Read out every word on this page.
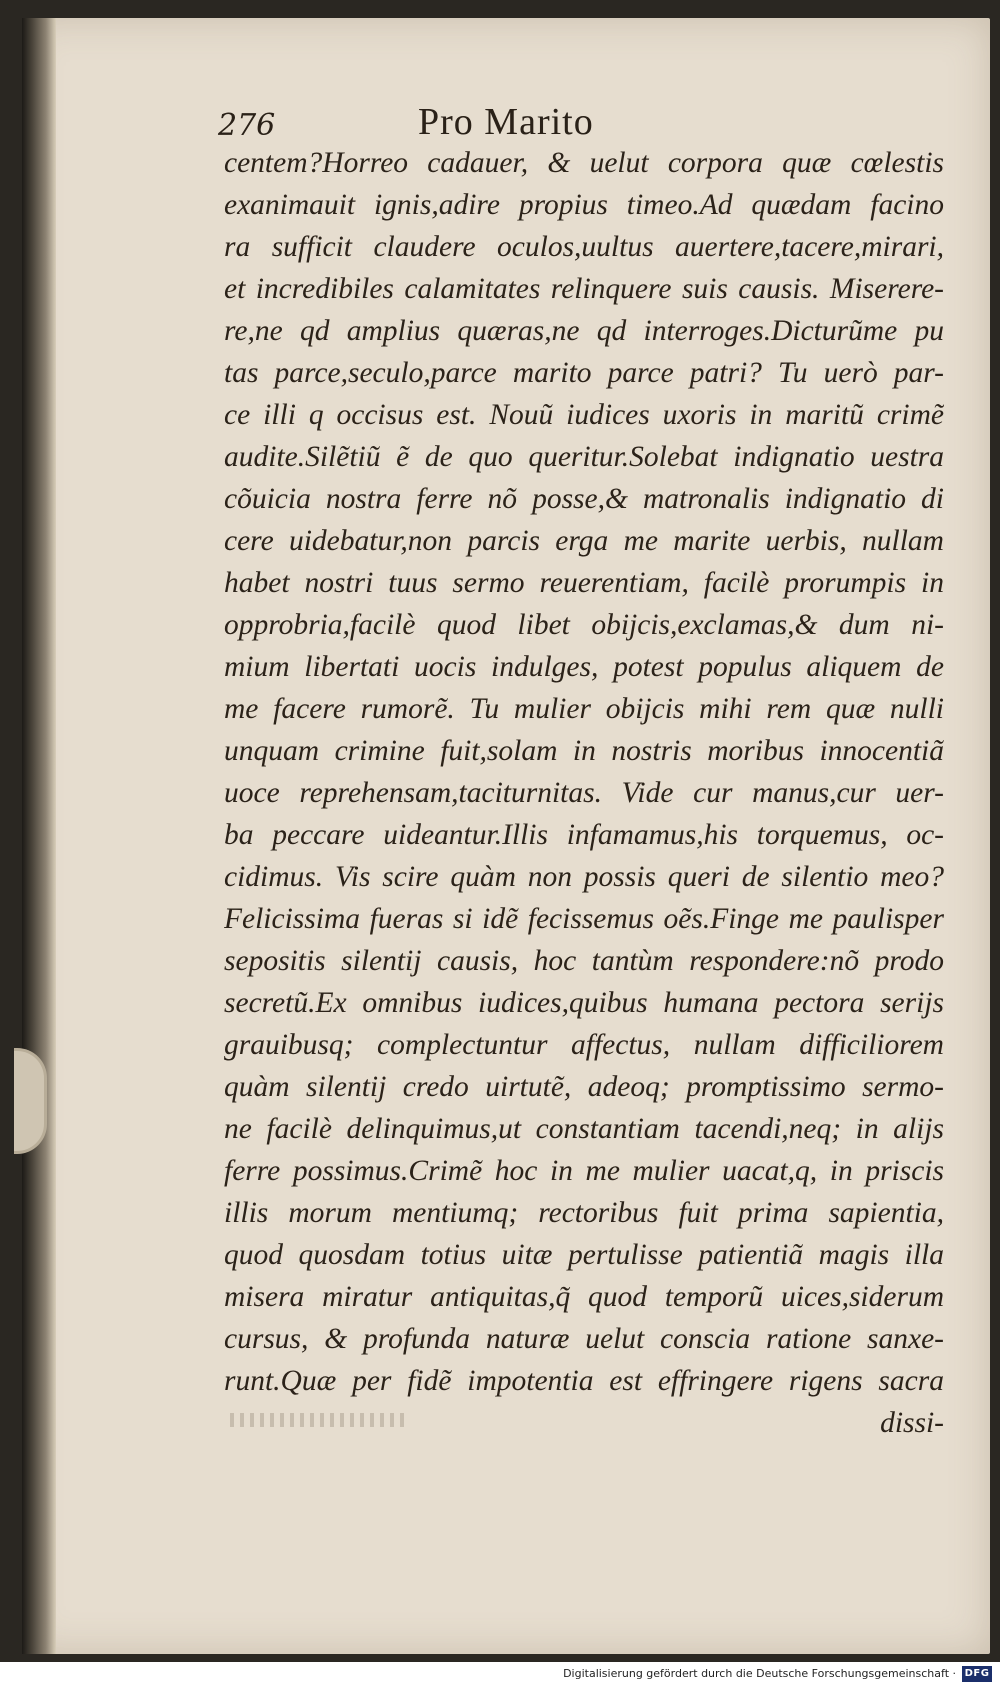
276	Pro Marito
centem?Horreo cadauer, & uelut corpora quæ cœlestis
exanimauit ignis,adire propius timeo.Ad quædam facino
ra sufficit claudere oculos,uultus auertere,tacere,mirari,
et incredibiles calamitates relinquere suis causis. Miserere-
re,ne qd amplius quæras,ne qd interroges.Dicturũme pu
tas parce,seculo,parce marito parce patri? Tu uerò par-
ce illi q occisus est. Nouũ iudices uxoris in maritũ crimẽ
audite.Silẽtiũ ẽ de quo queritur.Solebat indignatio uestra
cõuicia nostra ferre nõ posse,& matronalis indignatio di
cere uidebatur,non parcis erga me marite uerbis, nullam
habet nostri tuus sermo reuerentiam, facilè prorumpis in
opprobria,facilè quod libet obijcis,exclamas,& dum ni-
mium libertati uocis indulges, potest populus aliquem de
me facere rumorẽ. Tu mulier obijcis mihi rem quæ nulli
unquam crimine fuit,solam in nostris moribus innocentiã
uoce reprehensam,taciturnitas. Vide cur manus,cur uer-
ba peccare uideantur.Illis infamamus,his torquemus, oc-
cidimus. Vis scire quàm non possis queri de silentio meo?
Felicissima fueras si idẽ fecissemus oẽs.Finge me paulisper
sepositis silentij causis, hoc tantùm respondere:nõ prodo
secretũ.Ex omnibus iudices,quibus humana pectora serijs
grauibusq; complectuntur affectus, nullam difficiliorem
quàm silentij credo uirtutẽ, adeoq; promptissimo sermo-
ne facilè delinquimus,ut constantiam tacendi,neq; in alijs
ferre possimus.Crimẽ hoc in me mulier uacat,q, in priscis
illis morum mentiumq; rectoribus fuit prima sapientia,
quod quosdam totius uitæ pertulisse patientiã magis illa
misera miratur antiquitas,q̃ quod temporũ uices,siderum
cursus, & profunda naturæ uelut conscia ratione sanxe-
runt.Quæ per fidẽ impotentia est effringere rigens sacra
dissi-
Digitalisierung gefördert durch die Deutsche Forschungsgemeinschaft · DFG
